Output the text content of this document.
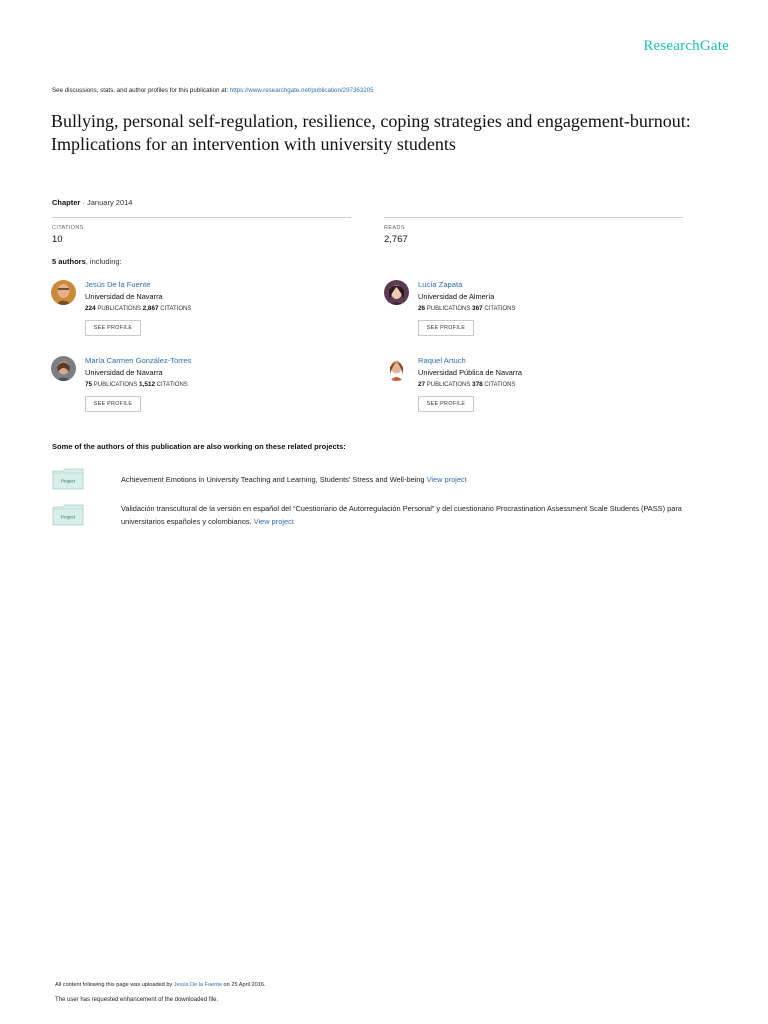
ResearchGate
See discussions, stats, and author profiles for this publication at: https://www.researchgate.net/publication/297363205
Bullying, personal self-regulation, resilience, coping strategies and engagement-burnout: Implications for an intervention with university students
Chapter · January 2014
CITATIONS
10
READS
2,767
5 authors, including:
Jesús De la Fuente
Universidad de Navarra
224 PUBLICATIONS 2,867 CITATIONS
SEE PROFILE
Lucía Zapata
Universidad de Almería
26 PUBLICATIONS 367 CITATIONS
SEE PROFILE
María Carmen González-Torres
Universidad de Navarra
75 PUBLICATIONS 1,512 CITATIONS
SEE PROFILE
Raquel Artuch
Universidad Pública de Navarra
27 PUBLICATIONS 378 CITATIONS
SEE PROFILE
Some of the authors of this publication are also working on these related projects:
Project	Achievement Emotions in University Teaching and Learning, Students' Stress and Well-being View project
Project
Validación transcultural de la versión en español del “Cuestionario de Autorregulación Personal” y del cuestionario Procrastination Assessment Scale Students (PASS) para universitarios españoles y colombianos. View project
All content following this page was uploaded by Jesús De la Fuente on 25 April 2016.
The user has requested enhancement of the downloaded file.
